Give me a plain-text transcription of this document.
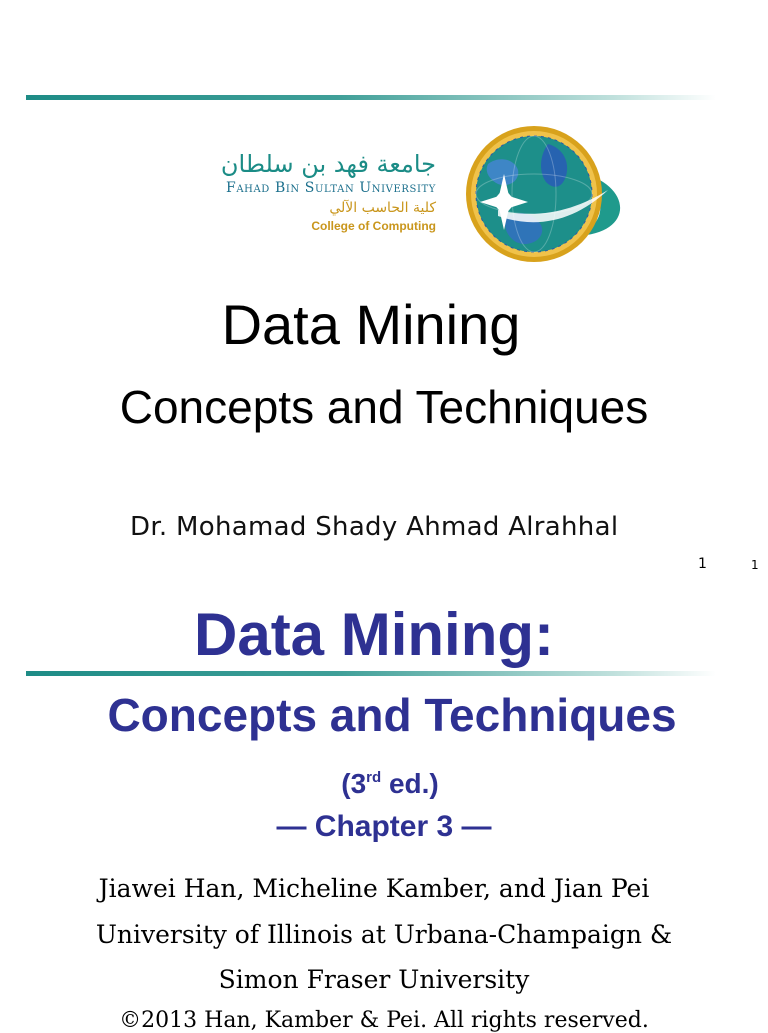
جامعة فهد بن سلطان
Fahad Bin Sultan University
كلية الحاسب الآلي
College of Computing
Data Mining
Concepts and Techniques
Dr. Mohamad Shady Ahmad Alrahhal
1	1
Data Mining:
Concepts and Techniques
(3rd ed.)
— Chapter 3 —
Jiawei Han, Micheline Kamber, and Jian Pei
University of Illinois at Urbana-Champaign &
Simon Fraser University
©2013 Han, Kamber & Pei. All rights reserved.
